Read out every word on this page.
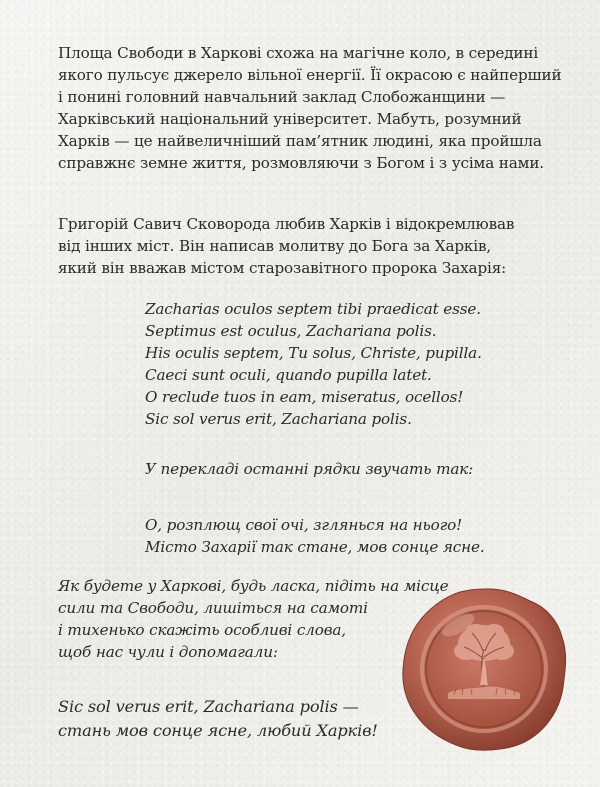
Площа Свободи в Харкові схожа на магічне коло, в середині
якого пульсує джерело вільної енергії. Її окрасою є найперший
і понині головний навчальний заклад Слобожанщини —
Харківський національний університет. Мабуть, розумний
Харків — це найвеличніший пам’ятник людині, яка пройшла
справжнє земне життя, розмовляючи з Богом і з усіма нами.

Григорій Савич Сковорода любив Харків і відокремлював
від інших міст. Він написав молитву до Бога за Харків,
який він вважав містом старозавітного пророка Захарія:

Zacharias oculos septem tibi praedicat esse.
Septimus est oculus, Zachariana polis.
His oculis septem, Tu solus, Christe, pupilla.
Caeci sunt oculi, quando pupilla latet.
O reclude tuos in eam, miseratus, ocellos!
Sic sol verus erit, Zachariana polis.

У перекладі останні рядки звучать так:

О, розплющ свої очі, зглянься на нього!
Місто Захарії так стане, мов сонце ясне.

Як будете у Харкові, будь ласка, підіть на місце
сили та Свободи, лишіться на самоті
і тихенько скажіть особливі слова,
щоб нас чули і допомагали:

Sic sol verus erit, Zachariana polis —
стань мов сонце ясне, любий Харків!
